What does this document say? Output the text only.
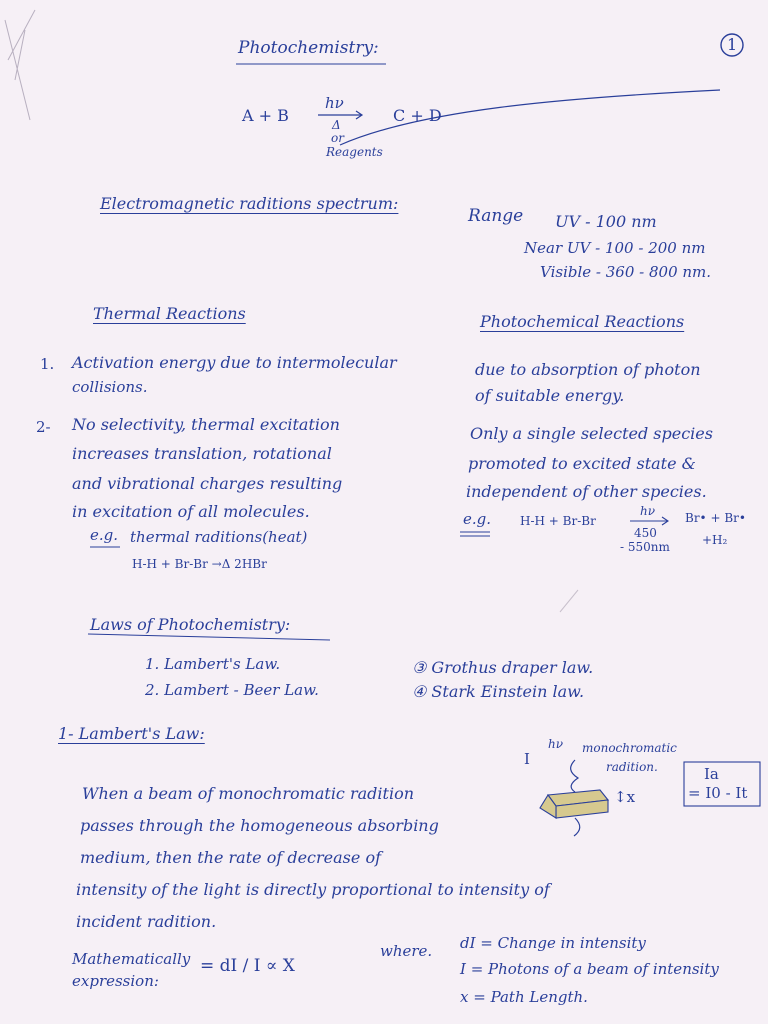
1
Photochemistry:
A + B
hν
Δ
or
Reagents
C + D
Electromagnetic raditions spectrum:
Range UV - 100 nm
Near UV - 100 - 200 nm
Visible - 360 - 800 nm.
Thermal Reactions
1. Activation energy due to intermolecular
collisions.
2- No selectivity, thermal excitation
increases translation, rotational
and vibrational charges resulting
in excitation of all molecules.
e.g. thermal raditions(heat)
H-H + Br-Br →Δ 2HBr
Photochemical Reactions
due to absorption of photon
of suitable energy.
Only a single selected species
promoted to excited state &
independent of other species.
e.g. H-H + Br-Br
hν
450
- 550nm
Br• + Br•
+H₂
Laws of Photochemistry:
1. Lambert's Law.
2. Lambert - Beer Law.
③ Grothus draper law.
④ Stark Einstein law.
1- Lambert's Law:
When a beam of monochromatic radition
passes through the homogeneous absorbing
medium, then the rate of decrease of
intensity of the light is directly proportional to intensity of
incident radition.
Mathematically
expression:
= dI / I ∝ X
where. dI = Change in intensity
I = Photons of a beam of intensity
x = Path Length.
I
hν monochromatic
radition.	Ia
= I0 - It
↕x
